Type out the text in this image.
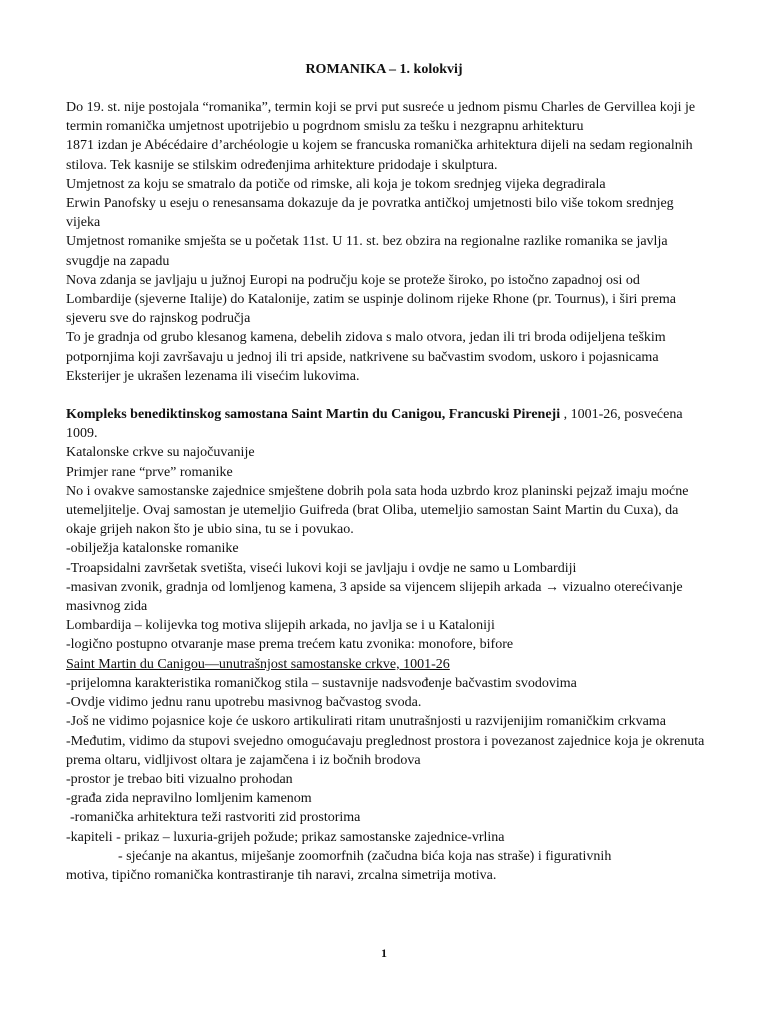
ROMANIKA – 1. kolokvij

Do 19. st. nije postojala “romanika”, termin koji se prvi put susreće u jednom pismu Charles de Gervillea koji je termin romanička umjetnost upotrijebio u pogrdnom smislu za tešku i nezgrapnu arhitekturu

1871 izdan je Abécédaire d’archéologie u kojem se francuska romanička arhitektura dijeli na sedam regionalnih stilova. Tek kasnije se stilskim određenjima arhitekture pridodaje i skulptura.

Umjetnost za koju se smatralo da potiče od rimske, ali koja je tokom srednjeg vijeka degradirala

Erwin Panofsky u eseju o renesansama dokazuje da je povratka antičkoj umjetnosti bilo više tokom srednjeg vijeka

Umjetnost romanike smješta se u početak 11st. U 11. st. bez obzira na regionalne razlike romanika se javlja svugdje na zapadu

Nova zdanja se javljaju u južnoj Europi na području koje se proteže široko, po istočno zapadnoj osi od Lombardije (sjeverne Italije) do Katalonije, zatim se uspinje dolinom rijeke Rhone (pr. Tournus), i širi prema sjeveru sve do rajnskog područja

To je gradnja od grubo klesanog kamena, debelih zidova s malo otvora, jedan ili tri broda odijeljena teškim potpornjima koji završavaju u jednoj ili tri apside, natkrivene su bačvastim svodom, uskoro i pojasnicama

Eksterijer je ukrašen lezenama ili visećim lukovima.

Kompleks benediktinskog samostana Saint Martin du Canigou, Francuski Pireneji , 1001-26, posvećena 1009.

Katalonske crkve su najočuvanije

Primjer rane “prve” romanike

No i ovakve samostanske zajednice smještene dobrih pola sata hoda uzbrdo kroz planinski pejzaž imaju moćne utemeljitelje. Ovaj samostan je utemeljio Guifreda (brat Oliba, utemeljio samostan Saint Martin du Cuxa), da okaje grijeh nakon što je ubio sina, tu se i povukao.

-obilježja katalonske romanike

-Troapsidalni završetak svetišta, viseći lukovi koji se javljaju i ovdje ne samo u Lombardiji

-masivan zvonik, gradnja od lomljenog kamena, 3 apside sa vijencem slijepih arkada → vizualno oterećivanje masivnog zida

Lombardija – kolijevka tog motiva slijepih arkada, no javlja se i u Kataloniji

-logično postupno otvaranje mase prema trećem katu zvonika: monofore, bifore

Saint Martin du Canigou—unutrašnjost samostanske crkve, 1001-26

-prijelomna karakteristika romaničkog stila – sustavnije nadsvođenje bačvastim svodovima

-Ovdje vidimo jednu ranu upotrebu masivnog bačvastog svoda.

-Još ne vidimo pojasnice koje će uskoro artikulirati ritam unutrašnjosti u razvijenijim romaničkim crkvama

-Međutim, vidimo da stupovi svejedno omogućavaju preglednost prostora i povezanost zajednice koja je okrenuta prema oltaru, vidljivost oltara je zajamčena i iz bočnih brodova

-prostor je trebao biti vizualno prohodan

-građa zida nepravilno lomljenim kamenom

-romanička arhitektura teži rastvoriti zid prostorima

-kapiteli - prikaz – luxuria-grijeh požude; prikaz samostanske zajednice-vrlina

- sjećanje na akantus, miješanje zoomorfnih (začudna bića koja nas straše) i figurativnih

motiva, tipično romanička kontrastiranje tih naravi, zrcalna simetrija motiva.

1
